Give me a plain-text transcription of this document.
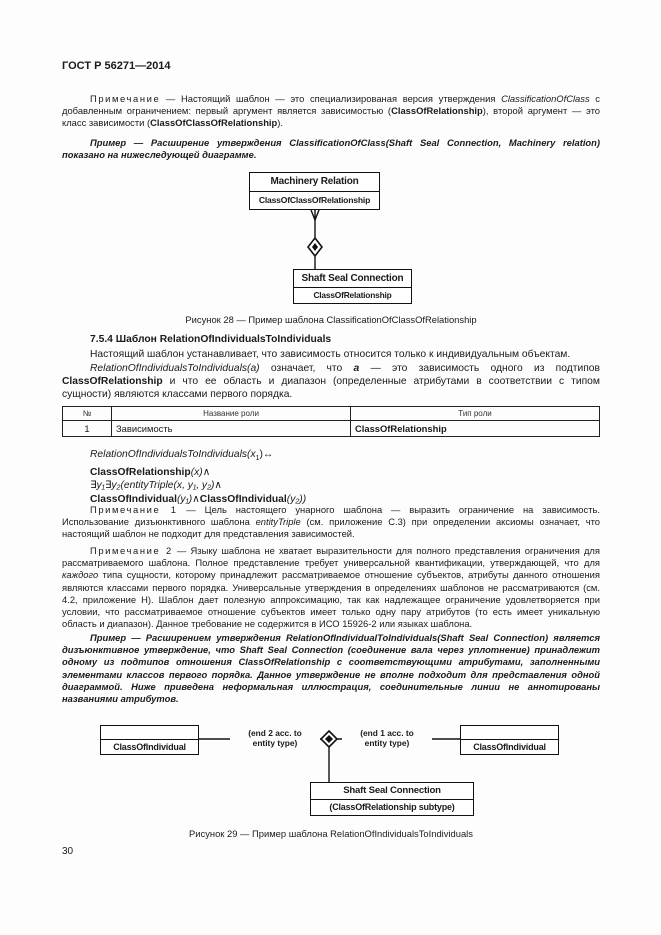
ГОСТ Р 56271—2014
Примечание — Настоящий шаблон — это специализированая версия утверждения ClassificationOfClass с добавленным ограничением: первый аргумент является зависимостью (ClassOfRelationship), второй аргумент — это класс зависимости (ClassOfClassOfRelationship).
Пример — Расширение утверждения ClassificationOfClass(Shaft Seal Connection, Machinery relation) показано на нижеследующей диаграмме.
Machinery Relation
ClassOfClassOfRelationship
Shaft Seal Connection
ClassOfRelationship
Рисунок 28 — Пример шаблона ClassificationOfClassOfRelationship
7.5.4 Шаблон RelationOfIndividualsToIndividuals
Настоящий шаблон устанавливает, что зависимость относится только к индивидуальным объектам.
RelationOfIndividualsToIndividuals(a) означает, что a — это зависимость одного из подтипов ClassOfRelationship и что ее область и диапазон (определенные атрибутами в соответствии с типом сущности) являются классами первого порядка.
№	Название роли	Тип роли
1	Зависимость	ClassOfRelationship
$RelationOfIndividualsToIndividuals(x_1)\leftrightarrow$
ClassOfRelationship(x)∧
∃y₁∃y₂(entityTriple(x, y₁, y₂)∧
ClassOfIndividual(y₁)∧ClassOfIndividual(y₂))
Примечание 1 — Цель настоящего унарного шаблона — выразить ограничение на зависимость. Использование дизъюнктивного шаблона entityTriple (см. приложение С.3) при определении аксиомы означает, что настоящий шаблон не подходит для представления зависимостей.
Примечание 2 — Языку шаблона не хватает выразительности для полного представления ограничения для рассматриваемого шаблона. Полное представление требует универсальной квантификации, утверждающей, что для каждого типа сущности, которому принадлежит рассматриваемое отношение субъектов, атрибуты данного отношения являются классами первого порядка. Универсальные утверждения в определениях шаблонов не рассматриваются (см. 4.2, приложение Н). Шаблон дает полезную аппроксимацию, так как надлежащее ограничение удовлетворяется при условии, что рассматриваемое отношение субъектов имеет только одну пару атрибутов (то есть имеет уникальную область и диапазон). Данное требование не содержится в ИСО 15926-2 или языках шаблона.
Пример — Расширением утверждения RelationOfIndividualToIndividuals(Shaft Seal Connection) является дизъюнктивное утверждение, что Shaft Seal Connection (соединение вала через уплотнение) принадлежит одному из подтипов отношения ClassOfRelationship с соответствующими атрибутами, заполненными элементами классов первого порядка. Данное утверждение не вполне подходит для представления одной диаграммой. Ниже приведена неформальная иллюстрация, соединительные линии не аннотированы названиями атрибутов.
ClassOfIndividual	ClassOfIndividual
(end 2 acc. to
entity type)
(end 1 acc. to
entity type)
Shaft Seal Connection
(ClassOfRelationship subtype)
Рисунок 29 — Пример шаблона RelationOfIndividualsToIndividuals
30
